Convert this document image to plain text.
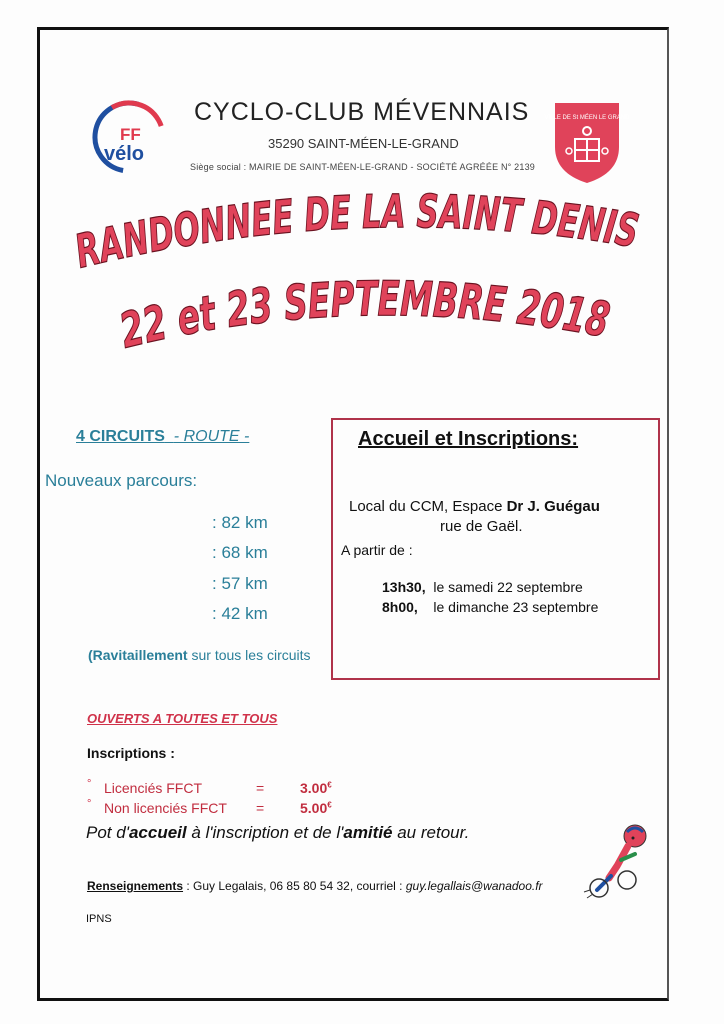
FF
vélo
CYCLO-CLUB MÉVENNAIS
35290 SAINT-MÉEN-LE-GRAND
Siège social : MAIRIE DE SAINT-MÉEN-LE-GRAND - SOCIÉTÉ AGRÉÉE N° 2139
VILLE DE St MÉEN LE GRAND
RANDONNEE DE LA SAINT DENIS
22 et 23 SEPTEMBRE 2018
4 CIRCUITS - ROUTE -
Nouveaux parcours:
: 82 km
: 68 km
: 57 km
: 42 km
(Ravitaillement sur tous les circuits
Accueil et Inscriptions:
Local du CCM, Espace Dr J. Guégau
rue de Gaël.
A partir de :
13h30, le samedi 22 septembre
8h00, le dimanche 23 septembre
OUVERTS A TOUTES ET TOUS
Inscriptions :
° Licenciés FFCT	=	3.00€
° Non licenciés FFCT =	5.00€
Pot d'accueil à l'inscription et de l'amitié au retour.
Renseignements : Guy Legalais, 06 85 80 54 32, courriel : guy.legallais@wanadoo.fr
IPNS
